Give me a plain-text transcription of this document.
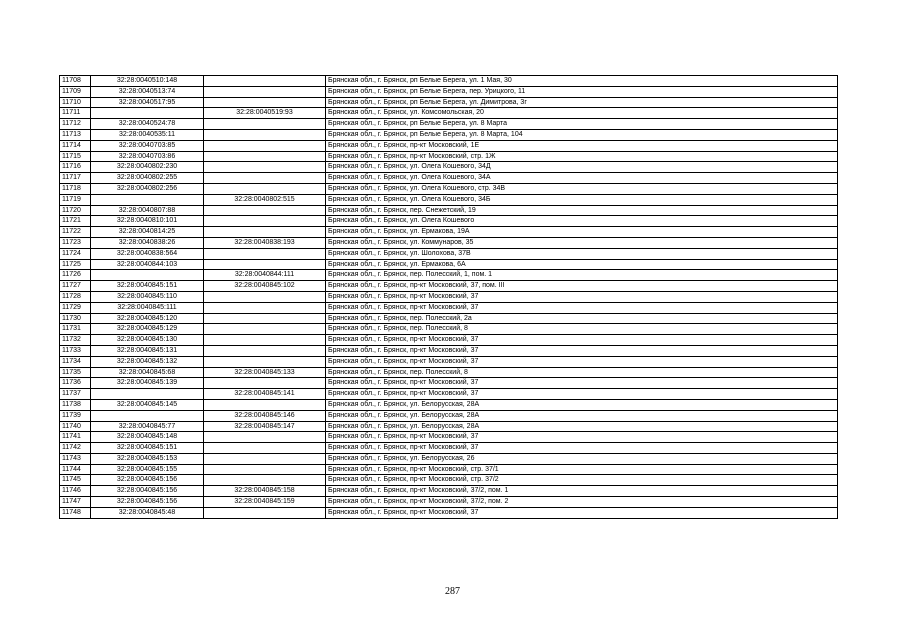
11708	32:28:0040510:148		Брянская обл., г. Брянск, рп Белые Берега, ул. 1 Мая, 30
11709	32:28:0040513:74		Брянская обл., г. Брянск, рп Белые Берега, пер. Урицкого, 11
11710	32:28:0040517:95		Брянская обл., г. Брянск, рп Белые Берега, ул. Димитрова, 3г
11711		32:28:0040519:93	Брянская обл., г. Брянск, ул. Комсомольская, 20
11712	32:28:0040524:78		Брянская обл., г. Брянск, рп Белые Берега, ул. 8 Марта
11713	32:28:0040535:11		Брянская обл., г. Брянск, рп Белые Берега, ул. 8 Марта, 104
11714	32:28:0040703:85		Брянская обл., г. Брянск, пр-кт Московский, 1Е
11715	32:28:0040703:86		Брянская обл., г. Брянск, пр-кт Московский, стр. 1Ж
11716	32:28:0040802:230		Брянская обл., г. Брянск, ул. Олега Кошевого, 34Д
11717	32:28:0040802:255		Брянская обл., г. Брянск, ул. Олега Кошевого, 34А
11718	32:28:0040802:256		Брянская обл., г. Брянск, ул. Олега Кошевого, стр. 34В
11719		32:28:0040802:515	Брянская обл., г. Брянск, ул. Олега Кошевого, 34Б
11720	32:28:0040807:88		Брянская обл., г. Брянск, пер. Снежетский, 19
11721	32:28:0040810:101		Брянская обл., г. Брянск, ул. Олега Кошевого
11722	32:28:0040814:25		Брянская обл., г. Брянск, ул. Ермакова, 19А
11723	32:28:0040838:26	32:28:0040838:193	Брянская обл., г. Брянск, ул. Коммунаров, 35
11724	32:28:0040838:564		Брянская обл., г. Брянск, ул. Шолохова, 37В
11725	32:28:0040844:103		Брянская обл., г. Брянск, ул. Ермакова, 6А
11726		32:28:0040844:111	Брянская обл., г. Брянск, пер. Полесский, 1, пом. 1
11727	32:28:0040845:151	32:28:0040845:102	Брянская обл., г. Брянск, пр-кт Московский, 37, пом. III
11728	32:28:0040845:110		Брянская обл., г. Брянск, пр-кт Московский, 37
11729	32:28:0040845:111		Брянская обл., г. Брянск, пр-кт Московский, 37
11730	32:28:0040845:120		Брянская обл., г. Брянск, пер. Полесский, 2а
11731	32:28:0040845:129		Брянская обл., г. Брянск, пер. Полесский, 8
11732	32:28:0040845:130		Брянская обл., г. Брянск, пр-кт Московский, 37
11733	32:28:0040845:131		Брянская обл., г. Брянск, пр-кт Московский, 37
11734	32:28:0040845:132		Брянская обл., г. Брянск, пр-кт Московский, 37
11735	32:28:0040845:68	32:28:0040845:133	Брянская обл., г. Брянск, пер. Полесский, 8
11736	32:28:0040845:139		Брянская обл., г. Брянск, пр-кт Московский, 37
11737		32:28:0040845:141	Брянская обл., г. Брянск, пр-кт Московский, 37
11738	32:28:0040845:145		Брянская обл., г. Брянск, ул. Белорусская, 28А
11739		32:28:0040845:146	Брянская обл., г. Брянск, ул. Белорусская, 28А
11740	32:28:0040845:77	32:28:0040845:147	Брянская обл., г. Брянск, ул. Белорусская, 28А
11741	32:28:0040845:148		Брянская обл., г. Брянск, пр-кт Московский, 37
11742	32:28:0040845:151		Брянская обл., г. Брянск, пр-кт Московский, 37
11743	32:28:0040845:153		Брянская обл., г. Брянск, ул. Белорусская, 26
11744	32:28:0040845:155		Брянская обл., г. Брянск, пр-кт Московский, стр. 37/1
11745	32:28:0040845:156		Брянская обл., г. Брянск, пр-кт Московский, стр. 37/2
11746	32:28:0040845:156	32:28:0040845:158	Брянская обл., г. Брянск, пр-кт Московский, 37/2, пом. 1
11747	32:28:0040845:156	32:28:0040845:159	Брянская обл., г. Брянск, пр-кт Московский, 37/2, пом. 2
11748	32:28:0040845:48		Брянская обл., г. Брянск, пр-кт Московский, 37
287
